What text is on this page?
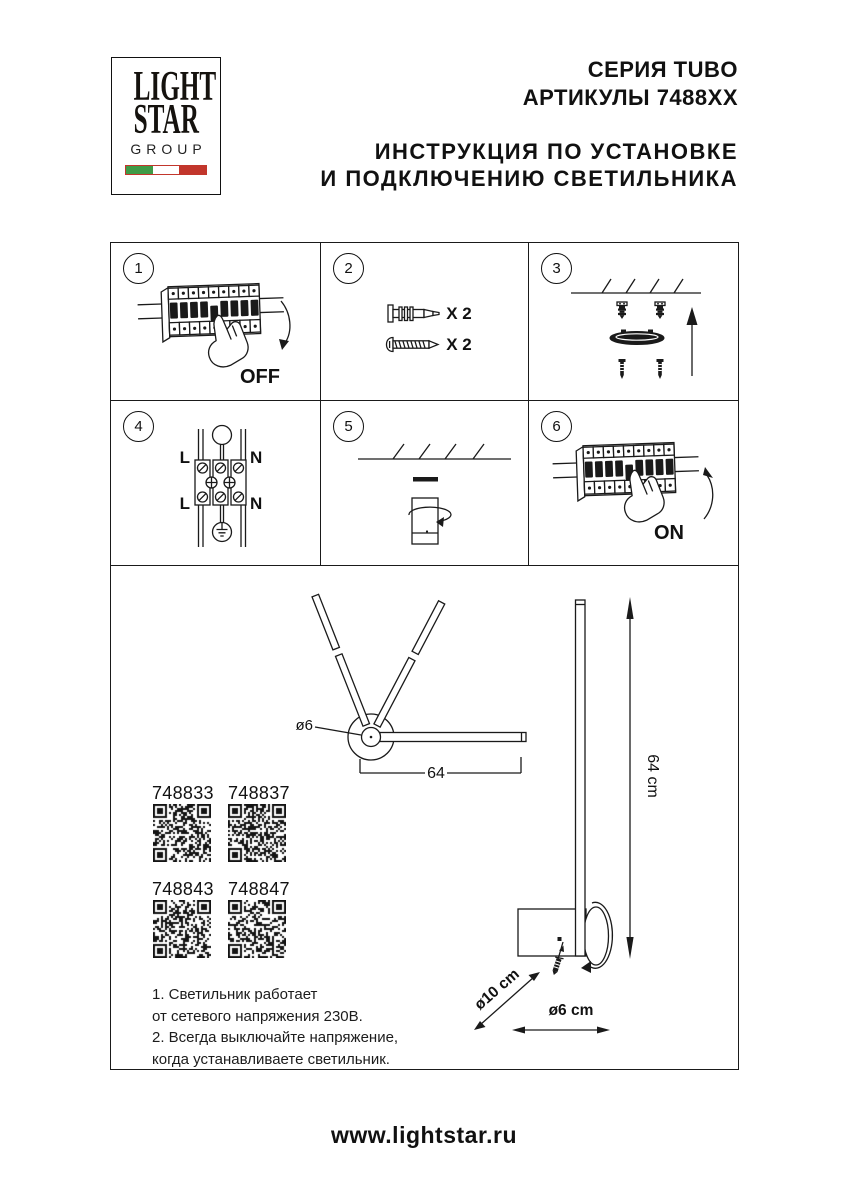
LIGHT
STAR
GROUP
СЕРИЯ TUBO
АРТИКУЛЫ 7488XX
ИНСТРУКЦИЯ ПО УСТАНОВКЕ
И ПОДКЛЮЧЕНИЮ СВЕТИЛЬНИКА
1
OFF
2
X 2
X 2
3
4
L	N
L	N
5	6
ON
ø6
64	64 cm
ø10 cm ø6 cm
748833 748837
748843 748847
1. Светильник работает
от сетевого напряжения 230В.
2. Всегда выключайте напряжение,
когда устанавливаете светильник.
www.lightstar.ru
